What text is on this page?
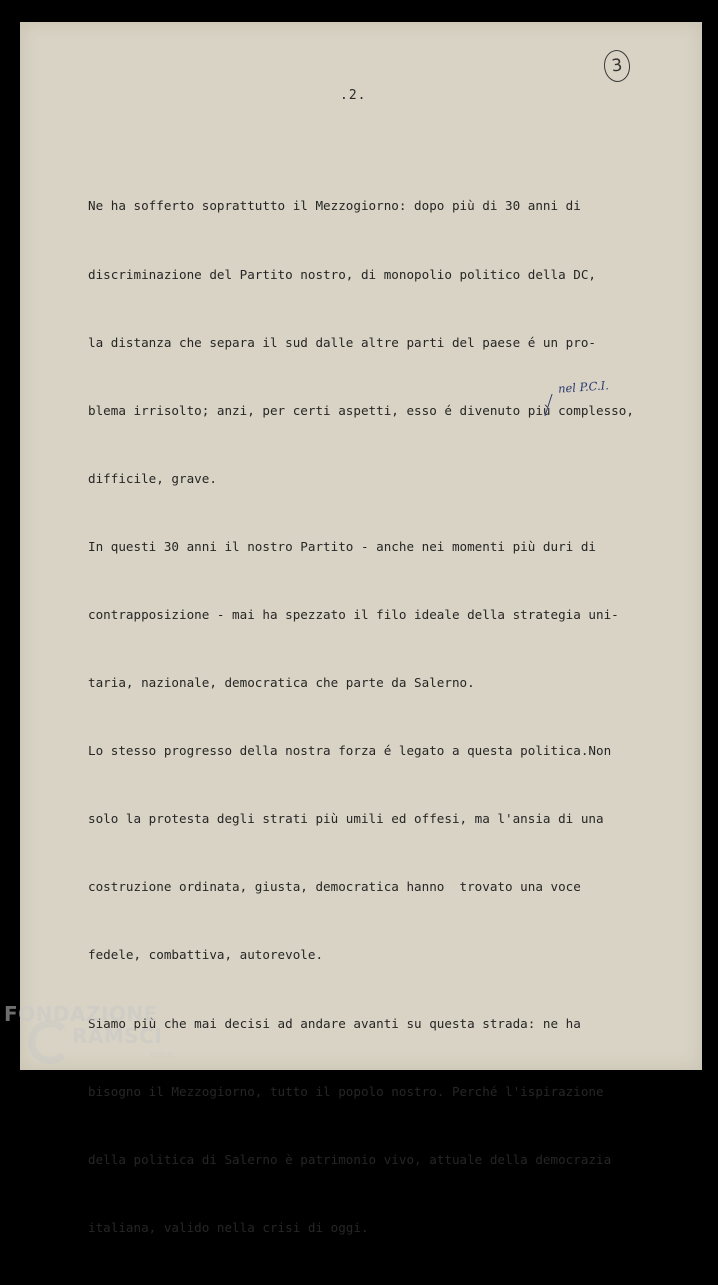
3
.2.

Ne ha sofferto soprattutto il Mezzogiorno: dopo più di 30 anni di

discriminazione del Partito nostro, di monopolio politico della DC,

la distanza che separa il sud dalle altre parti del paese é un pro-

blema irrisolto; anzi, per certi aspetti, esso é divenuto più complesso,

difficile, grave.

In questi 30 anni il nostro Partito - anche nei momenti più duri di

contrapposizione - mai ha spezzato il filo ideale della strategia uni-

taria, nazionale, democratica che parte da Salerno.

Lo stesso progresso della nostra forza é legato a questa politica.Non

solo la protesta degli strati più umili ed offesi, ma l'ansia di una

costruzione ordinata, giusta, democratica hanno  trovato una voce

fedele, combattiva, autorevole.

Siamo più che mai decisi ad andare avanti su questa strada: ne ha

bisogno il Mezzogiorno, tutto il popolo nostro. Perché l'ispirazione

della politica di Salerno è patrimonio vivo, attuale della democrazia

italiana, valido nella crisi di oggi.

nel P.C.I.
FONDAZIONE
RAMSCI
onlus
